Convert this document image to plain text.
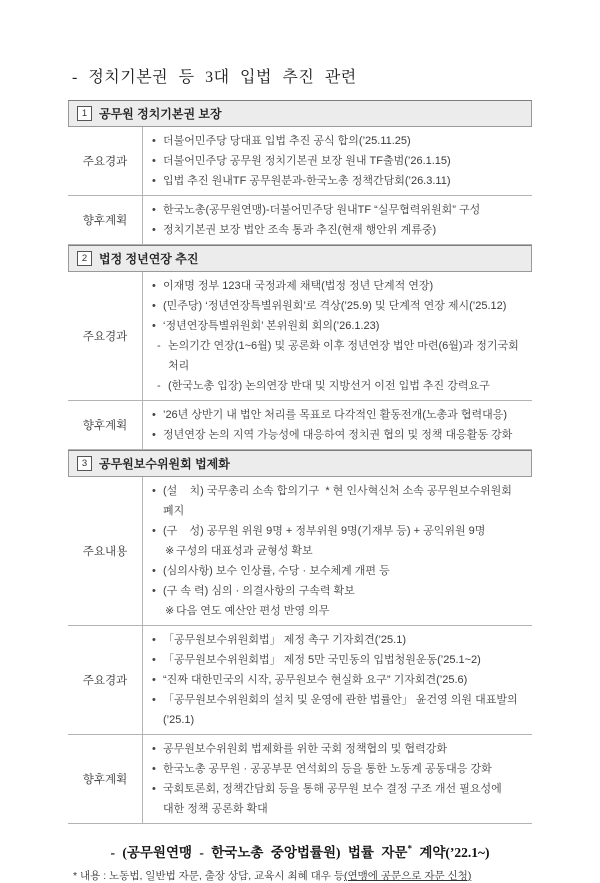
- 정치기본권 등 3대 입법 추진 관련
1 공무원 정치기본권 보장
주요경과
• 더불어민주당 당대표 입법 추진 공식 합의(’25.11.25)
• 더불어민주당 공무원 정치기본권 보장 원내 TF출범(’26.1.15)
• 입법 추진 원내TF 공무원분과-한국노총 정책간담회(’26.3.11)
향후계획
• 한국노총(공무원연맹)-더불어민주당 원내TF “실무협력위원회” 구성
• 정치기본권 보장 법안 조속 통과 추진(현재 행안위 계류중)
2 법정 정년연장 추진
주요경과
• 이재명 정부 123대 국정과제 채택(법정 정년 단계적 연장)
• (민주당) ‘정년연장특별위원회’로 격상(’25.9) 및 단계적 연장 제시(’25.12)
• ‘정년연장특별위원회’ 본위원회 회의(’26.1.23)
- 논의기간 연장(1~6월) 및 공론화 이후 정년연장 법안 마련(6월)과 정기국회 처리
- (한국노총 입장) 논의연장 반대 및 지방선거 이전 입법 추진 강력요구
향후계획
• ’26년 상반기 내 법안 처리를 목표로 다각적인 활동전개(노총과 협력대응)
• 정년연장 논의 지역 가능성에 대응하여 정치권 협의 및 정책 대응활동 강화
3 공무원보수위원회 법제화
주요내용
• (설    치) 국무총리 소속 합의기구  * 현 인사혁신처 소속 공무원보수위원회 폐지
• (구    성) 공무원 위원 9명 + 정부위원 9명(기재부 등) + 공익위원 9명
※ 구성의 대표성과 균형성 확보
• (심의사항) 보수 인상률, 수당 · 보수체계 개편 등
• (구 속 력) 심의 · 의결사항의 구속력 확보
※ 다음 연도 예산안 편성 반영 의무
주요경과
• 「공무원보수위원회법」 제정 촉구 기자회견(’25.1)
• 「공무원보수위원회법」 제정 5만 국민동의 입법청원운동(’25.1~2)
• “진짜 대한민국의 시작, 공무원보수 현실화 요구” 기자회견(’25.6)
• 「공무원보수위원회의 설치 및 운영에 관한 법률안」 윤건영 의원 대표발의(’25.1)
향후계획
• 공무원보수위원회 법제화를 위한 국회 정책협의 및 협력강화
• 한국노총 공무원 · 공공부문 연석회의 등을 통한 노동계 공동대응 강화
• 국회토론회, 정책간담회 등을 통해 공무원 보수 결정 구조 개선 필요성에 대한 정책 공론화 확대
- (공무원연맹 - 한국노총 중앙법률원) 법률 자문* 계약(’22.1~)
* 내용 : 노동법, 일반법 자문, 출장 상담, 교육시 최혜 대우 등(연맹에 공문으로 자문 신청)
